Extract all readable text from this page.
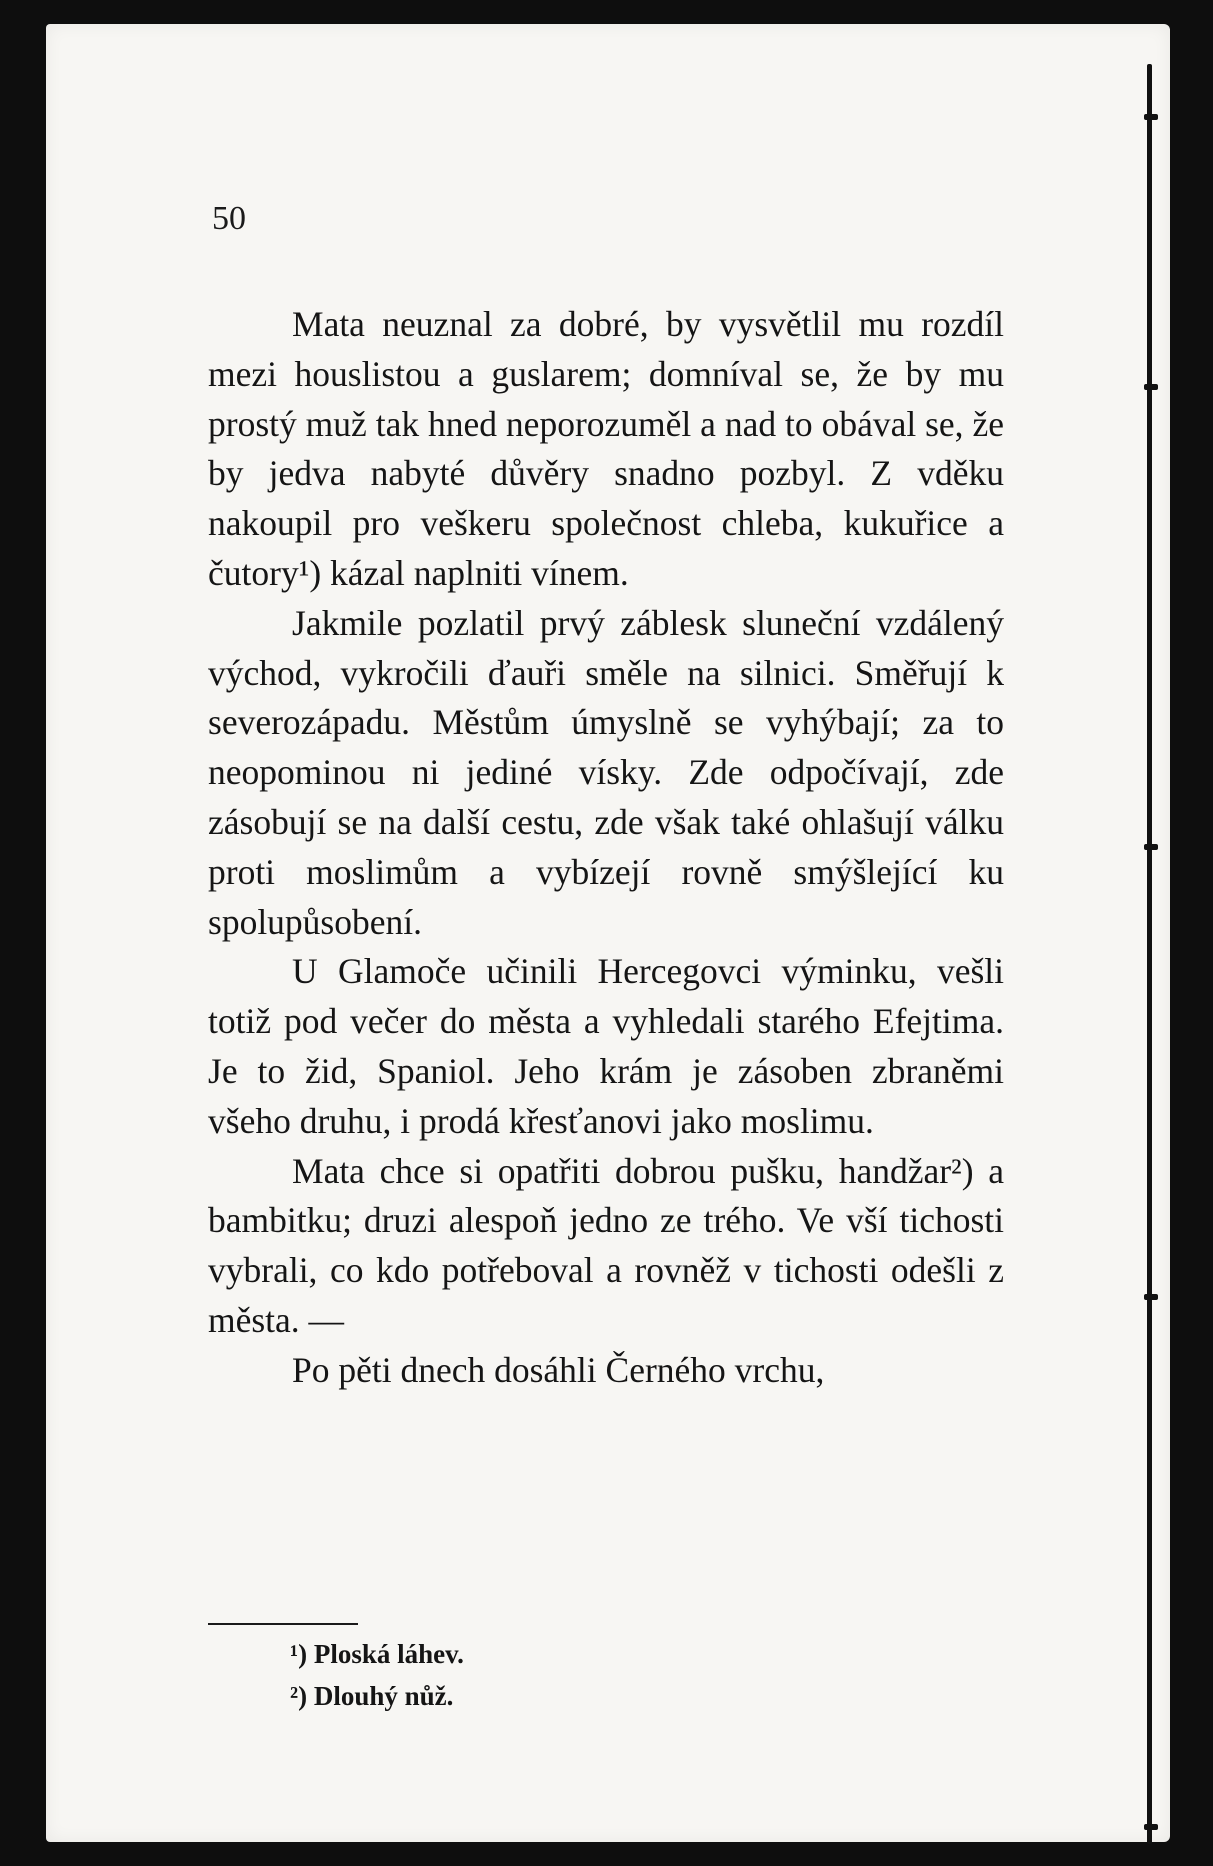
50

Mata neuznal za dobré, by vysvětlil mu rozdíl mezi houslistou a guslarem; domníval se, že by mu prostý muž tak hned neporozuměl a nad to obával se, že by jedva nabyté důvěry snadno pozbyl. Z vděku nakoupil pro veškeru společnost chleba, kukuřice a čutory¹) kázal naplniti vínem.

Jakmile pozlatil prvý záblesk sluneční vzdálený východ, vykročili ďauři směle na silnici. Směřují k severozápadu. Městům úmyslně se vyhýbají; za to neopominou ni jediné vísky. Zde odpočívají, zde zásobují se na další cestu, zde však také ohlašují válku proti moslimům a vybízejí rovně smýšlející ku spolupůsobení.

U Glamoče učinili Hercegovci výminku, vešli totiž pod večer do města a vyhledali starého Efejtima. Je to žid, Spaniol. Jeho krám je zásoben zbraněmi všeho druhu, i prodá křesťanovi jako moslimu.

Mata chce si opatřiti dobrou pušku, handžar²) a bambitku; druzi alespoň jedno ze trého. Ve vší tichosti vybrali, co kdo potřeboval a rovněž v tichosti odešli z města. —

Po pěti dnech dosáhli Černého vrchu,

¹) Ploská láhev.
²) Dlouhý nůž.
